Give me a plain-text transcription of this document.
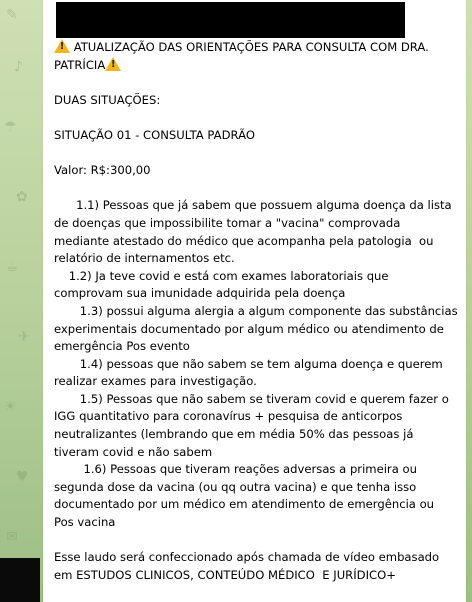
✎
♪
☂
✿
☕
✈
☀
♥
✉
! ATUALIZAÇÃO DAS ORIENTAÇÕES PARA CONSULTA COM DRA.
PATRÍCIA !
DUAS SITUAÇÕES:
SITUAÇÃO 01 - CONSULTA PADRÃO
Valor: R$:300,00
1.1) Pessoas que já sabem que possuem alguma doença da lista
de doenças que impossibilite tomar a "vacina" comprovada
mediante atestado do médico que acompanha pela patologia  ou
relatório de internamentos etc.
1.2) Ja teve covid e está com exames laboratoriais que
comprovam sua imunidade adquirida pela doença
1.3) possui alguma alergia a algum componente das substâncias
experimentais documentado por algum médico ou atendimento de
emergência Pos evento
1.4) pessoas que não sabem se tem alguma doença e querem
realizar exames para investigação.
1.5) Pessoas que não sabem se tiveram covid e querem fazer o
IGG quantitativo para coronavírus + pesquisa de anticorpos
neutralizantes (lembrando que em média 50% das pessoas já
tiveram covid e não sabem
1.6) Pessoas que tiveram reações adversas a primeira ou
segunda dose da vacina (ou qq outra vacina) e que tenha isso
documentado por um médico em atendimento de emergência ou
Pos vacina
Esse laudo será confeccionado após chamada de vídeo embasado
em ESTUDOS CLINICOS, CONTEÚDO MÉDICO  E JURÍDICO+
